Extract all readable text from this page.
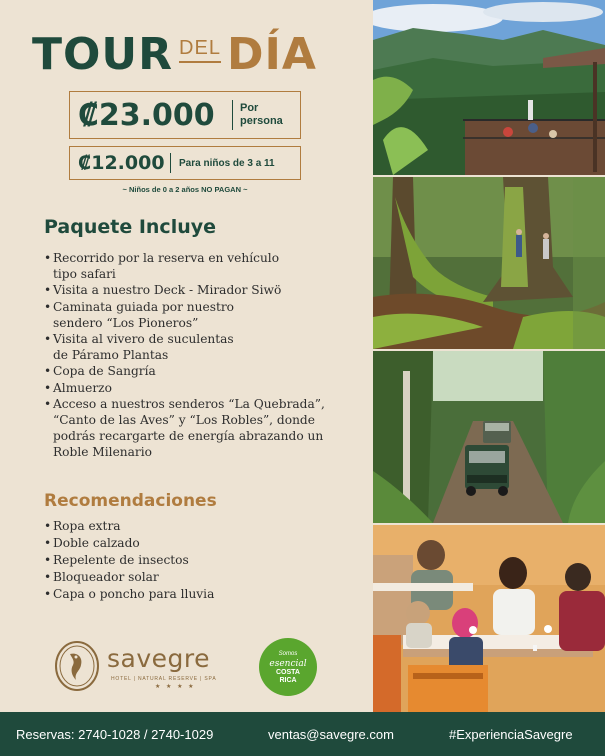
TOUR DEL DÍA
₡23.000	Por persona
₡12.000	Para niños de 3 a 11
~ Niños de 0 a 2 años NO PAGAN ~
Paquete Incluye
• Recorrido por la reserva en vehículo tipo safari
• Visita a nuestro Deck - Mirador Siwö
• Caminata guiada por nuestro sendero “Los Pioneros”
• Visita al vivero de suculentas de Páramo Plantas
• Copa de Sangría
• Almuerzo
• Acceso a nuestros senderos “La Quebrada”, “Canto de las Aves” y “Los Robles”, donde podrás recargarte de energía abrazando un Roble Milenario
Recomendaciones
• Ropa extra
• Doble calzado
• Repelente de insectos
• Bloqueador solar
• Capa o poncho para lluvia
savegre
HOTEL | NATURAL RESERVE | SPA
★ ★ ★ ★
Somos
esencial
COSTA
RICA
Reservas: 2740-1028 / 2740-1029	ventas@savegre.com	#ExperienciaSavegre
